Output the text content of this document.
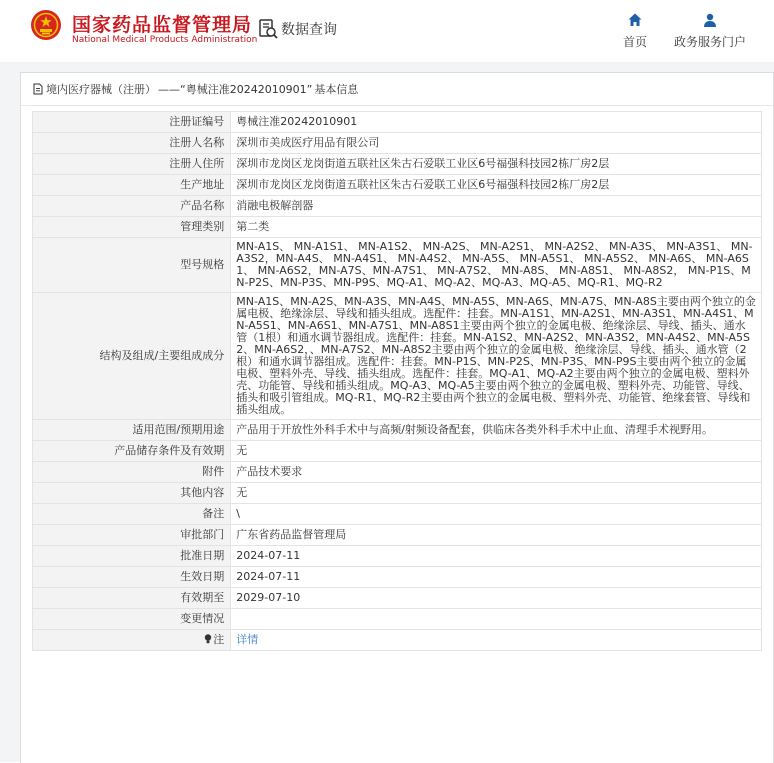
国家药品监督管理局
National Medical Products Administration
数据查询
首页 政务服务门户
境内医疗器械（注册） —— “粤械注准20242010901” 基本信息
注册证编号	粤械注准20242010901
注册人名称	深圳市美成医疗用品有限公司
注册人住所	深圳市龙岗区龙岗街道五联社区朱古石爱联工业区6号福强科技园2栋厂房2层
生产地址	深圳市龙岗区龙岗街道五联社区朱古石爱联工业区6号福强科技园2栋厂房2层
产品名称	消融电极解剖器
管理类别	第二类
型号规格	MN-A1S、 MN-A1S1、 MN-A1S2、 MN-A2S、 MN-A2S1、 MN-A2S2、 MN-A3S、 MN-A3S1、 MN-A3S2，MN-A4S、 MN-A4S1、 MN-A4S2、 MN-A5S、 MN-A5S1、 MN-A5S2、 MN-A6S、 MN-A6S1、 MN-A6S2，MN-A7S、MN-A7S1、 MN-A7S2、 MN-A8S、 MN-A8S1、 MN-A8S2， MN-P1S、MN-P2S、MN-P3S、MN-P9S、MQ-A1、MQ-A2、MQ-A3、MQ-A5、MQ-R1、MQ-R2
结构及组成/主要组成成分	MN-A1S、MN-A2S、MN-A3S、MN-A4S、MN-A5S、MN-A6S、MN-A7S、MN-A8S主要由两个独立的金属电极、绝缘涂层、导线和插头组成。选配件：挂套。MN-A1S1、MN-A2S1、MN-A3S1、MN-A4S1、MN-A5S1、MN-A6S1、MN-A7S1、MN-A8S1主要由两个独立的金属电极、绝缘涂层、导线、插头、通水管（1根）和通水调节器组成。选配件：挂套。MN-A1S2、MN-A2S2、MN-A3S2，MN-A4S2、MN-A5S2、MN-A6S2，、MN-A7S2、MN-A8S2主要由两个独立的金属电极、绝缘涂层、导线、插头、通水管（2根）和通水调节器组成。选配件：挂套。MN-P1S、MN-P2S、MN-P3S、MN-P9S主要由两个独立的金属电极、塑料外壳、导线、插头组成。选配件：挂套。MQ-A1、MQ-A2主要由两个独立的金属电极、塑料外壳、功能管、导线和插头组成。MQ-A3、MQ-A5主要由两个独立的金属电极、塑料外壳、功能管、导线、插头和吸引管组成。MQ-R1、MQ-R2主要由两个独立的金属电极、塑料外壳、功能管、绝缘套管、导线和插头组成。
适用范围/预期用途	产品用于开放性外科手术中与高频/射频设备配套，供临床各类外科手术中止血、清理手术视野用。
产品储存条件及有效期	无
附件	产品技术要求
其他内容	无
备注	\
审批部门	广东省药品监督管理局
批准日期	2024-07-11
生效日期	2024-07-11
有效期至	2029-07-10
变更情况	
注	详情
